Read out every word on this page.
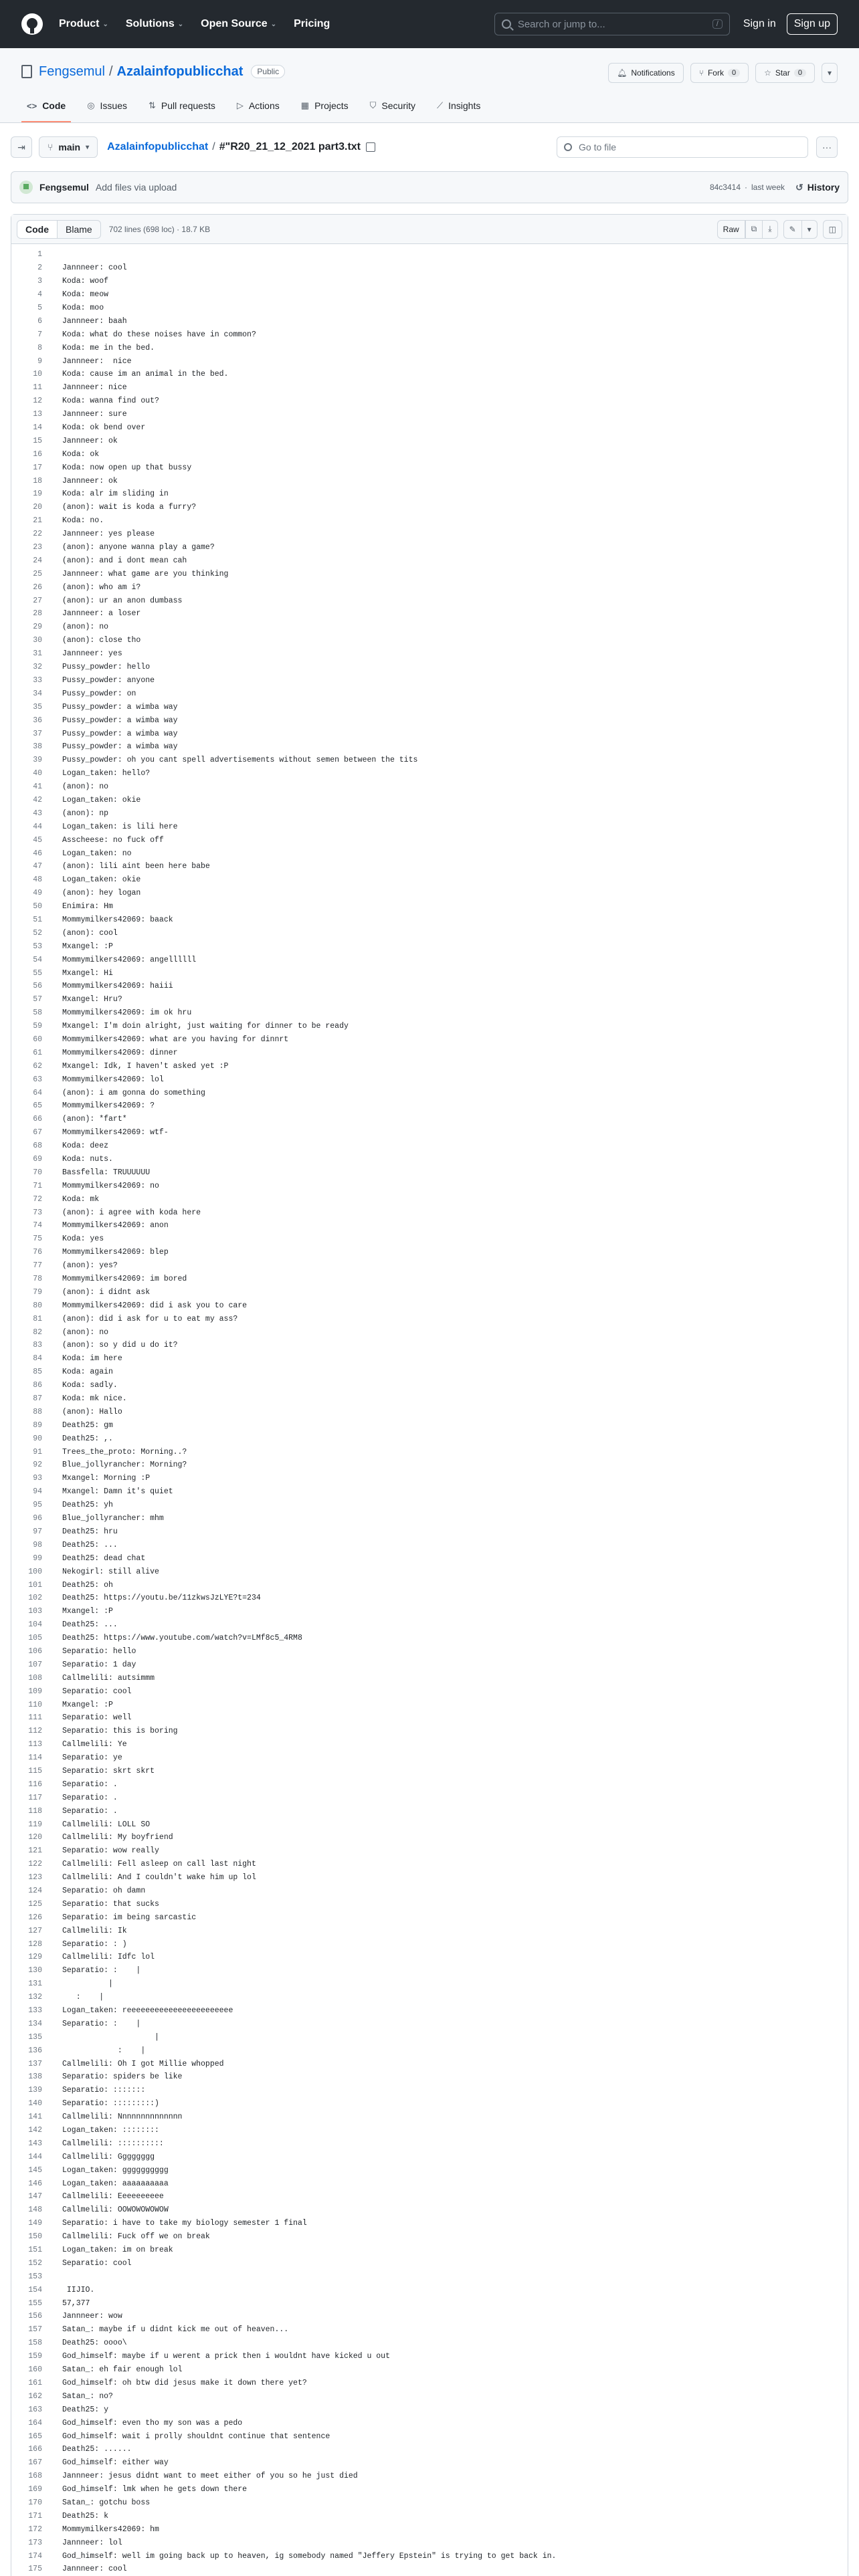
Product ⌄ Solutions ⌄ Open Source ⌄ Pricing	Search or jump to...	/	Sign in	Sign up
Fengsemul / Azalainfopublicchat	Public	🔔︎ Notifications	⑂ Fork	0	☆ Star	0	▾
<> Code ◎ Issues ⇅ Pull requests ▷ Actions ▦ Projects ⛉ Security ⟋ Insights
⇥ ⑂ main ▾ Azalainfopublicchat / #"R20_21_12_2021 part3.txt	Go to file	···
Fengsemul Add files via upload	84c3414 · last week ↺ History
Code	Blame	702 lines (698 loc) · 18.7 KB	Raw	⧉ ⤓ ✎ ▾ ◫
1
2	Jannneer: cool
3	Koda: woof
4	Koda: meow
5	Koda: moo
6	Jannneer: baah
7	Koda: what do these noises have in common?
8	Koda: me in the bed.
9	Jannneer:  nice
10	Koda: cause im an animal in the bed.
11	Jannneer: nice
12	Koda: wanna find out?
13	Jannneer: sure
14	Koda: ok bend over
15	Jannneer: ok
16	Koda: ok
17	Koda: now open up that bussy
18	Jannneer: ok
19	Koda: alr im sliding in
20	(anon): wait is koda a furry?
21	Koda: no.
22	Jannneer: yes please
23	(anon): anyone wanna play a game?
24	(anon): and i dont mean cah
25	Jannneer: what game are you thinking
26	(anon): who am i?
27	(anon): ur an anon dumbass
28	Jannneer: a loser
29	(anon): no
30	(anon): close tho
31	Jannneer: yes
32	Pussy_powder: hello
33	Pussy_powder: anyone
34	Pussy_powder: on
35	Pussy_powder: a wimba way
36	Pussy_powder: a wimba way
37	Pussy_powder: a wimba way
38	Pussy_powder: a wimba way
39	Pussy_powder: oh you cant spell advertisements without semen between the tits
40	Logan_taken: hello?
41	(anon): no
42	Logan_taken: okie
43	(anon): np
44	Logan_taken: is lili here
45	Asscheese: no fuck off
46	Logan_taken: no
47	(anon): lili aint been here babe
48	Logan_taken: okie
49	(anon): hey logan
50	Enimira: Hm
51	Mommymilkers42069: baack
52	(anon): cool
53	Mxangel: :P
54	Mommymilkers42069: angellllll
55	Mxangel: Hi
56	Mommymilkers42069: haiii
57	Mxangel: Hru?
58	Mommymilkers42069: im ok hru
59	Mxangel: I'm doin alright, just waiting for dinner to be ready
60	Mommymilkers42069: what are you having for dinnrt
61	Mommymilkers42069: dinner
62	Mxangel: Idk, I haven't asked yet :P
63	Mommymilkers42069: lol
64	(anon): i am gonna do something
65	Mommymilkers42069: ?
66	(anon): *fart*
67	Mommymilkers42069: wtf-
68	Koda: deez
69	Koda: nuts.
70	Bassfella: TRUUUUUU
71	Mommymilkers42069: no
72	Koda: mk
73	(anon): i agree with koda here
74	Mommymilkers42069: anon
75	Koda: yes
76	Mommymilkers42069: blep
77	(anon): yes?
78	Mommymilkers42069: im bored
79	(anon): i didnt ask
80	Mommymilkers42069: did i ask you to care
81	(anon): did i ask for u to eat my ass?
82	(anon): no
83	(anon): so y did u do it?
84	Koda: im here
85	Koda: again
86	Koda: sadly.
87	Koda: mk nice.
88	(anon): Hallo
89	Death25: gm
90	Death25: ,.
91	Trees_the_proto: Morning..?
92	Blue_jollyrancher: Morning?
93	Mxangel: Morning :P
94	Mxangel: Damn it's quiet
95	Death25: yh
96	Blue_jollyrancher: mhm
97	Death25: hru
98	Death25: ...
99	Death25: dead chat
100	Nekogirl: still alive
101	Death25: oh
102	Death25: https://youtu.be/11zkwsJzLYE?t=234
103	Mxangel: :P
104	Death25: ...
105	Death25: https://www.youtube.com/watch?v=LMf8c5_4RM8
106	Separatio: hello
107	Separatio: 1 day
108	Callmelili: autsimmm
109	Separatio: cool
110	Mxangel: :P
111	Separatio: well
112	Separatio: this is boring
113	Callmelili: Ye
114	Separatio: ye
115	Separatio: skrt skrt
116	Separatio: .
117	Separatio: .
118	Separatio: .
119	Callmelili: LOLL SO
120	Callmelili: My boyfriend
121	Separatio: wow really
122	Callmelili: Fell asleep on call last night
123	Callmelili: And I couldn't wake him up lol
124	Separatio: oh damn
125	Separatio: that sucks
126	Separatio: im being sarcastic
127	Callmelili: Ik
128	Separatio: : )
129	Callmelili: Idfc lol
130	Separatio: :    |
131	|
132	:    |
133	Logan_taken: reeeeeeeeeeeeeeeeeeeeeee
134	Separatio: :    |
135	|
136	:    |
137	Callmelili: Oh I got Millie whopped
138	Separatio: spiders be like
139	Separatio: :::::::
140	Separatio: :::::::::)
141	Callmelili: Nnnnnnnnnnnnnn
142	Logan_taken: ::::::::
143	Callmelili: ::::::::::
144	Callmelili: Gggggggg
145	Logan_taken: gggggggggg
146	Logan_taken: aaaaaaaaaa
147	Callmelili: Eeeeeeeeee
148	Callmelili: OOWOWOWOWOW
149	Separatio: i have to take my biology semester 1 final
150	Callmelili: Fuck off we on break
151	Logan_taken: im on break
152	Separatio: cool
153
154	IIJIO.
155	57,377
156	Jannneer: wow
157	Satan_: maybe if u didnt kick me out of heaven...
158	Death25: oooo\
159	God_himself: maybe if u werent a prick then i wouldnt have kicked u out
160	Satan_: eh fair enough lol
161	God_himself: oh btw did jesus make it down there yet?
162	Satan_: no?
163	Death25: y
164	God_himself: even tho my son was a pedo
165	God_himself: wait i prolly shouldnt continue that sentence
166	Death25: ......
167	God_himself: either way
168	Jannneer: jesus didnt want to meet either of you so he just died
169	God_himself: lmk when he gets down there
170	Satan_: gotchu boss
171	Death25: k
172	Mommymilkers42069: hm
173	Jannneer: lol
174	God_himself: well im going back up to heaven, ig somebody named "Jeffery Epstein" is trying to get back in.
175	Jannneer: cool
